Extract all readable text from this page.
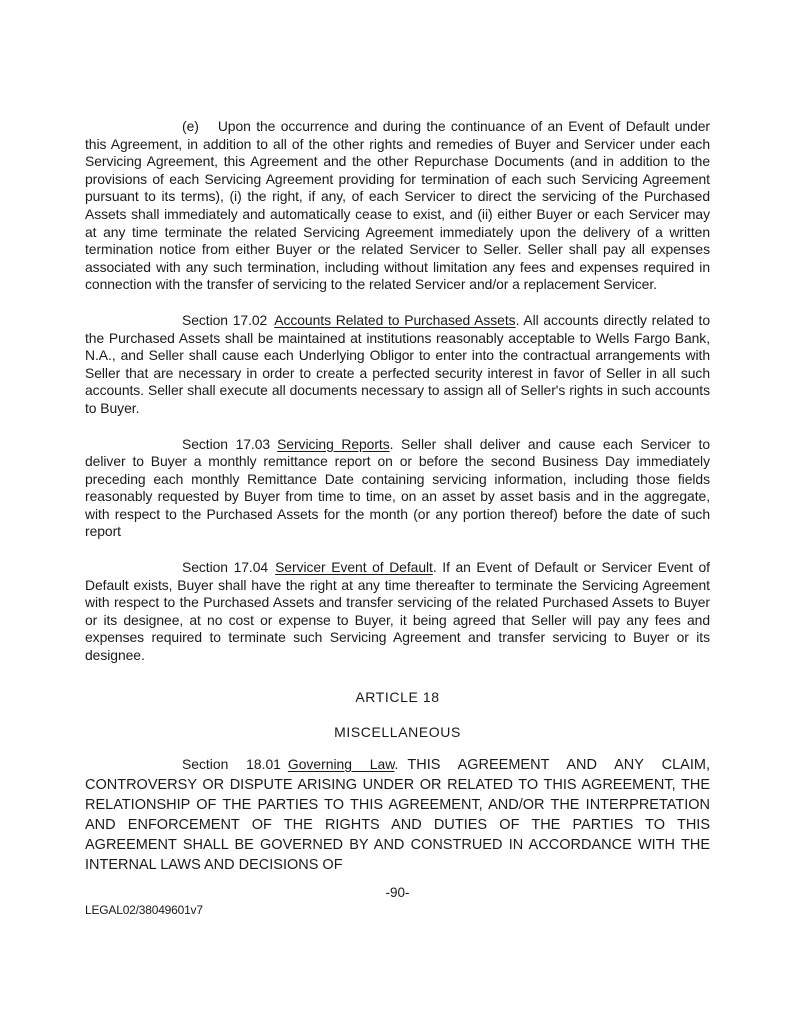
(e) Upon the occurrence and during the continuance of an Event of Default under this Agreement, in addition to all of the other rights and remedies of Buyer and Servicer under each Servicing Agreement, this Agreement and the other Repurchase Documents (and in addition to the provisions of each Servicing Agreement providing for termination of each such Servicing Agreement pursuant to its terms), (i) the right, if any, of each Servicer to direct the servicing of the Purchased Assets shall immediately and automatically cease to exist, and (ii) either Buyer or each Servicer may at any time terminate the related Servicing Agreement immediately upon the delivery of a written termination notice from either Buyer or the related Servicer to Seller. Seller shall pay all expenses associated with any such termination, including without limitation any fees and expenses required in connection with the transfer of servicing to the related Servicer and/or a replacement Servicer.

Section 17.02 Accounts Related to Purchased Assets. All accounts directly related to the Purchased Assets shall be maintained at institutions reasonably acceptable to Wells Fargo Bank, N.A., and Seller shall cause each Underlying Obligor to enter into the contractual arrangements with Seller that are necessary in order to create a perfected security interest in favor of Seller in all such accounts. Seller shall execute all documents necessary to assign all of Seller's rights in such accounts to Buyer.

Section 17.03 Servicing Reports. Seller shall deliver and cause each Servicer to deliver to Buyer a monthly remittance report on or before the second Business Day immediately preceding each monthly Remittance Date containing servicing information, including those fields reasonably requested by Buyer from time to time, on an asset by asset basis and in the aggregate, with respect to the Purchased Assets for the month (or any portion thereof) before the date of such report

Section 17.04 Servicer Event of Default. If an Event of Default or Servicer Event of Default exists, Buyer shall have the right at any time thereafter to terminate the Servicing Agreement with respect to the Purchased Assets and transfer servicing of the related Purchased Assets to Buyer or its designee, at no cost or expense to Buyer, it being agreed that Seller will pay any fees and expenses required to terminate such Servicing Agreement and transfer servicing to Buyer or its designee.

ARTICLE 18

MISCELLANEOUS

Section 18.01 Governing Law. THIS AGREEMENT AND ANY CLAIM, CONTROVERSY OR DISPUTE ARISING UNDER OR RELATED TO THIS AGREEMENT, THE RELATIONSHIP OF THE PARTIES TO THIS AGREEMENT, AND/OR THE INTERPRETATION AND ENFORCEMENT OF THE RIGHTS AND DUTIES OF THE PARTIES TO THIS AGREEMENT SHALL BE GOVERNED BY AND CONSTRUED IN ACCORDANCE WITH THE INTERNAL LAWS AND DECISIONS OF

-90-

LEGAL02/38049601v7
